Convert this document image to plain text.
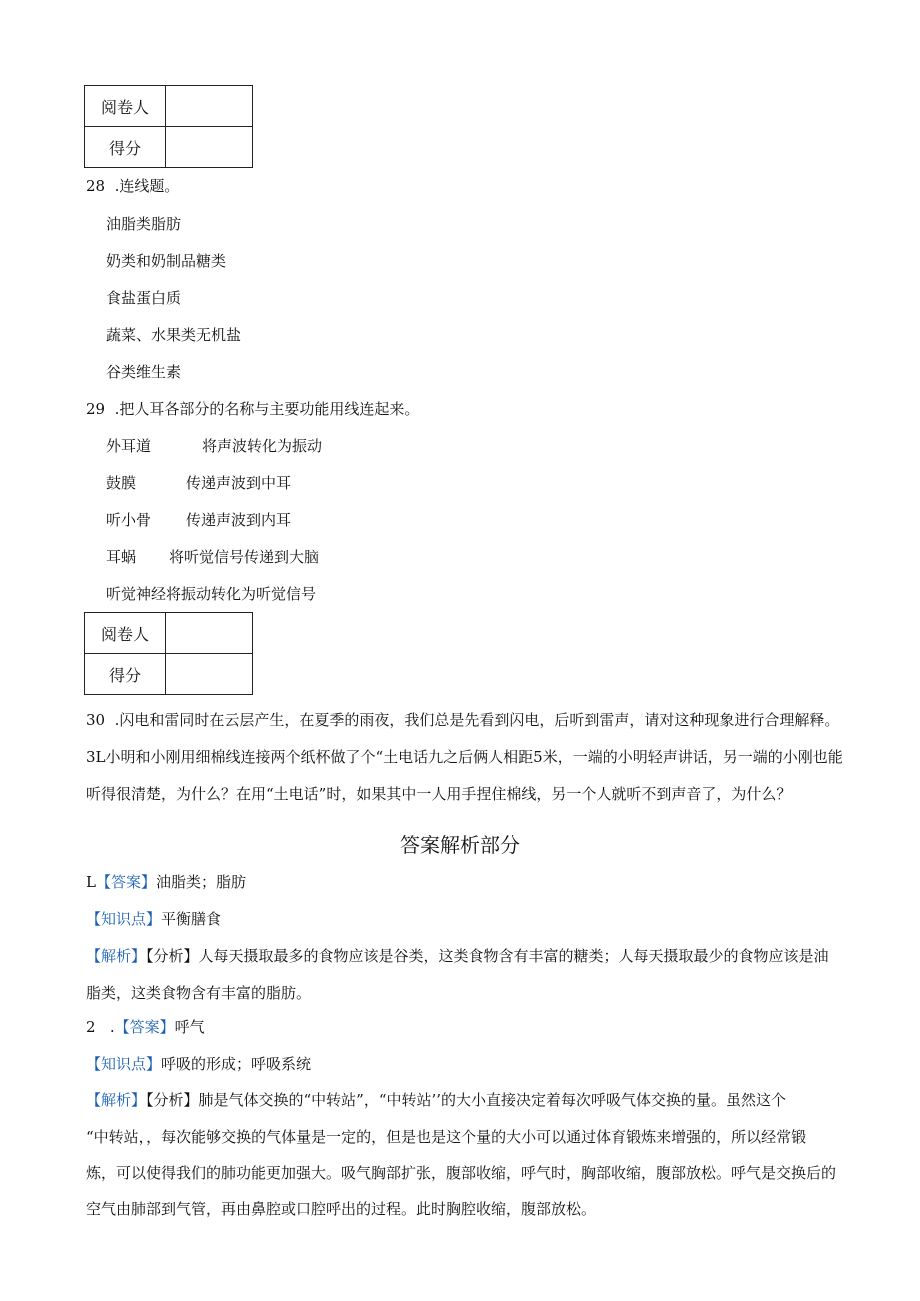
阅卷人	
得分	
28 .连线题。
油脂类脂肪
奶类和奶制品糖类
食盐蛋白质
蔬菜、水果类无机盐
谷类维生素
29 .把人耳各部分的名称与主要功能用线连起来。
外耳道	将声波转化为振动
鼓膜	传递声波到中耳
听小骨 传递声波到内耳
耳蜗 将听觉信号传递到大脑
听觉神经将振动转化为听觉信号
阅卷人	
得分	
30 .闪电和雷同时在云层产生，在夏季的雨夜，我们总是先看到闪电，后听到雷声，请对这种现象进行合理解释。
3L小明和小刚用细棉线连接两个纸杯做了个“土电话九之后俩人相距5米，一端的小明轻声讲话，另一端的小刚也能
听得很清楚，为什么？在用“土电话”时，如果其中一人用手捏住棉线，另一个人就听不到声音了，为什么？
答案解析部分
L【答案】油脂类；脂肪
【知识点】平衡膳食
【解析】【分析】人每天摄取最多的食物应该是谷类，这类食物含有丰富的糖类；人每天摄取最少的食物应该是油
脂类，这类食物含有丰富的脂肪。
2 .【答案】呼气
【知识点】呼吸的形成；呼吸系统
【解析】【分析】肺是气体交换的“中转站”，“中转站’’的大小直接决定着每次呼吸气体交换的量。虽然这个
“中转站，，每次能够交换的气体量是一定的，但是也是这个量的大小可以通过体育锻炼来增强的，所以经常锻
炼，可以使得我们的肺功能更加强大。吸气胸部扩张，腹部收缩，呼气时，胸部收缩，腹部放松。呼气是交换后的
空气由肺部到气管，再由鼻腔或口腔呼出的过程。此时胸腔收缩，腹部放松。
